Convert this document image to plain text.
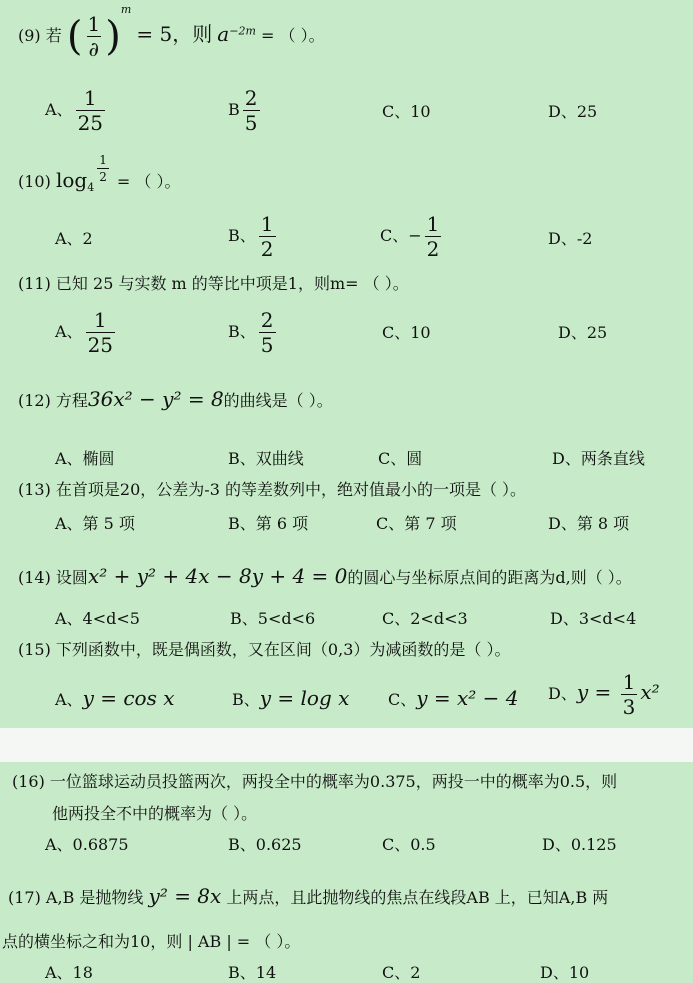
(9) 若 ( $\frac{1}{\partial} )^m = 5$，则 $a^{-2m}$ = （ ）。
A、 $\frac{1}{25}$	B $\frac{2}{5}$	C、10	D、25
(10) $\log_4$
$\frac{1}{2}$ = （ ）。
A、2	B、 $\frac{1}{2}$	C、− $\frac{1}{2}$	D、-2
(11) 已知 25 与实数 m 的等比中项是1，则m= （ ）。
A、 $\frac{1}{25}$	B、 $\frac{2}{5}$	C、10	D、25
(12) 方程36x² − y² = 8的曲线是（ ）。
A、椭圆	B、双曲线	C、圆	D、两条直线
(13) 在首项是20，公差为-3 的等差数列中，绝对值最小的一项是（ ）。
A、第 5 项	B、第 6 项	C、第 7 项	D、第 8 项
(14) 设圆x² + y² + 4x − 8y + 4 = 0的圆心与坐标原点间的距离为d,则（ ）。
A、4<d<5	B、5<d<6	C、2<d<3	D、3<d<4
(15) 下列函数中，既是偶函数，又在区间（0,3）为减函数的是（ ）。
A、y = cos x	B、y = log x C、y = x² − 4 D、$y = \frac{1}{3} x^2$
(16) 一位篮球运动员投篮两次，两投全中的概率为0.375，两投一中的概率为0.5，则
他两投全不中的概率为（ ）。
A、0.6875	B、0.625	C、0.5	D、0.125
(17) A,B 是抛物线 y² = 8x 上两点，且此抛物线的焦点在线段AB 上，已知A,B 两
点的横坐标之和为10，则 | AB | = （ ）。
A、18	B、14	C、2	D、10
